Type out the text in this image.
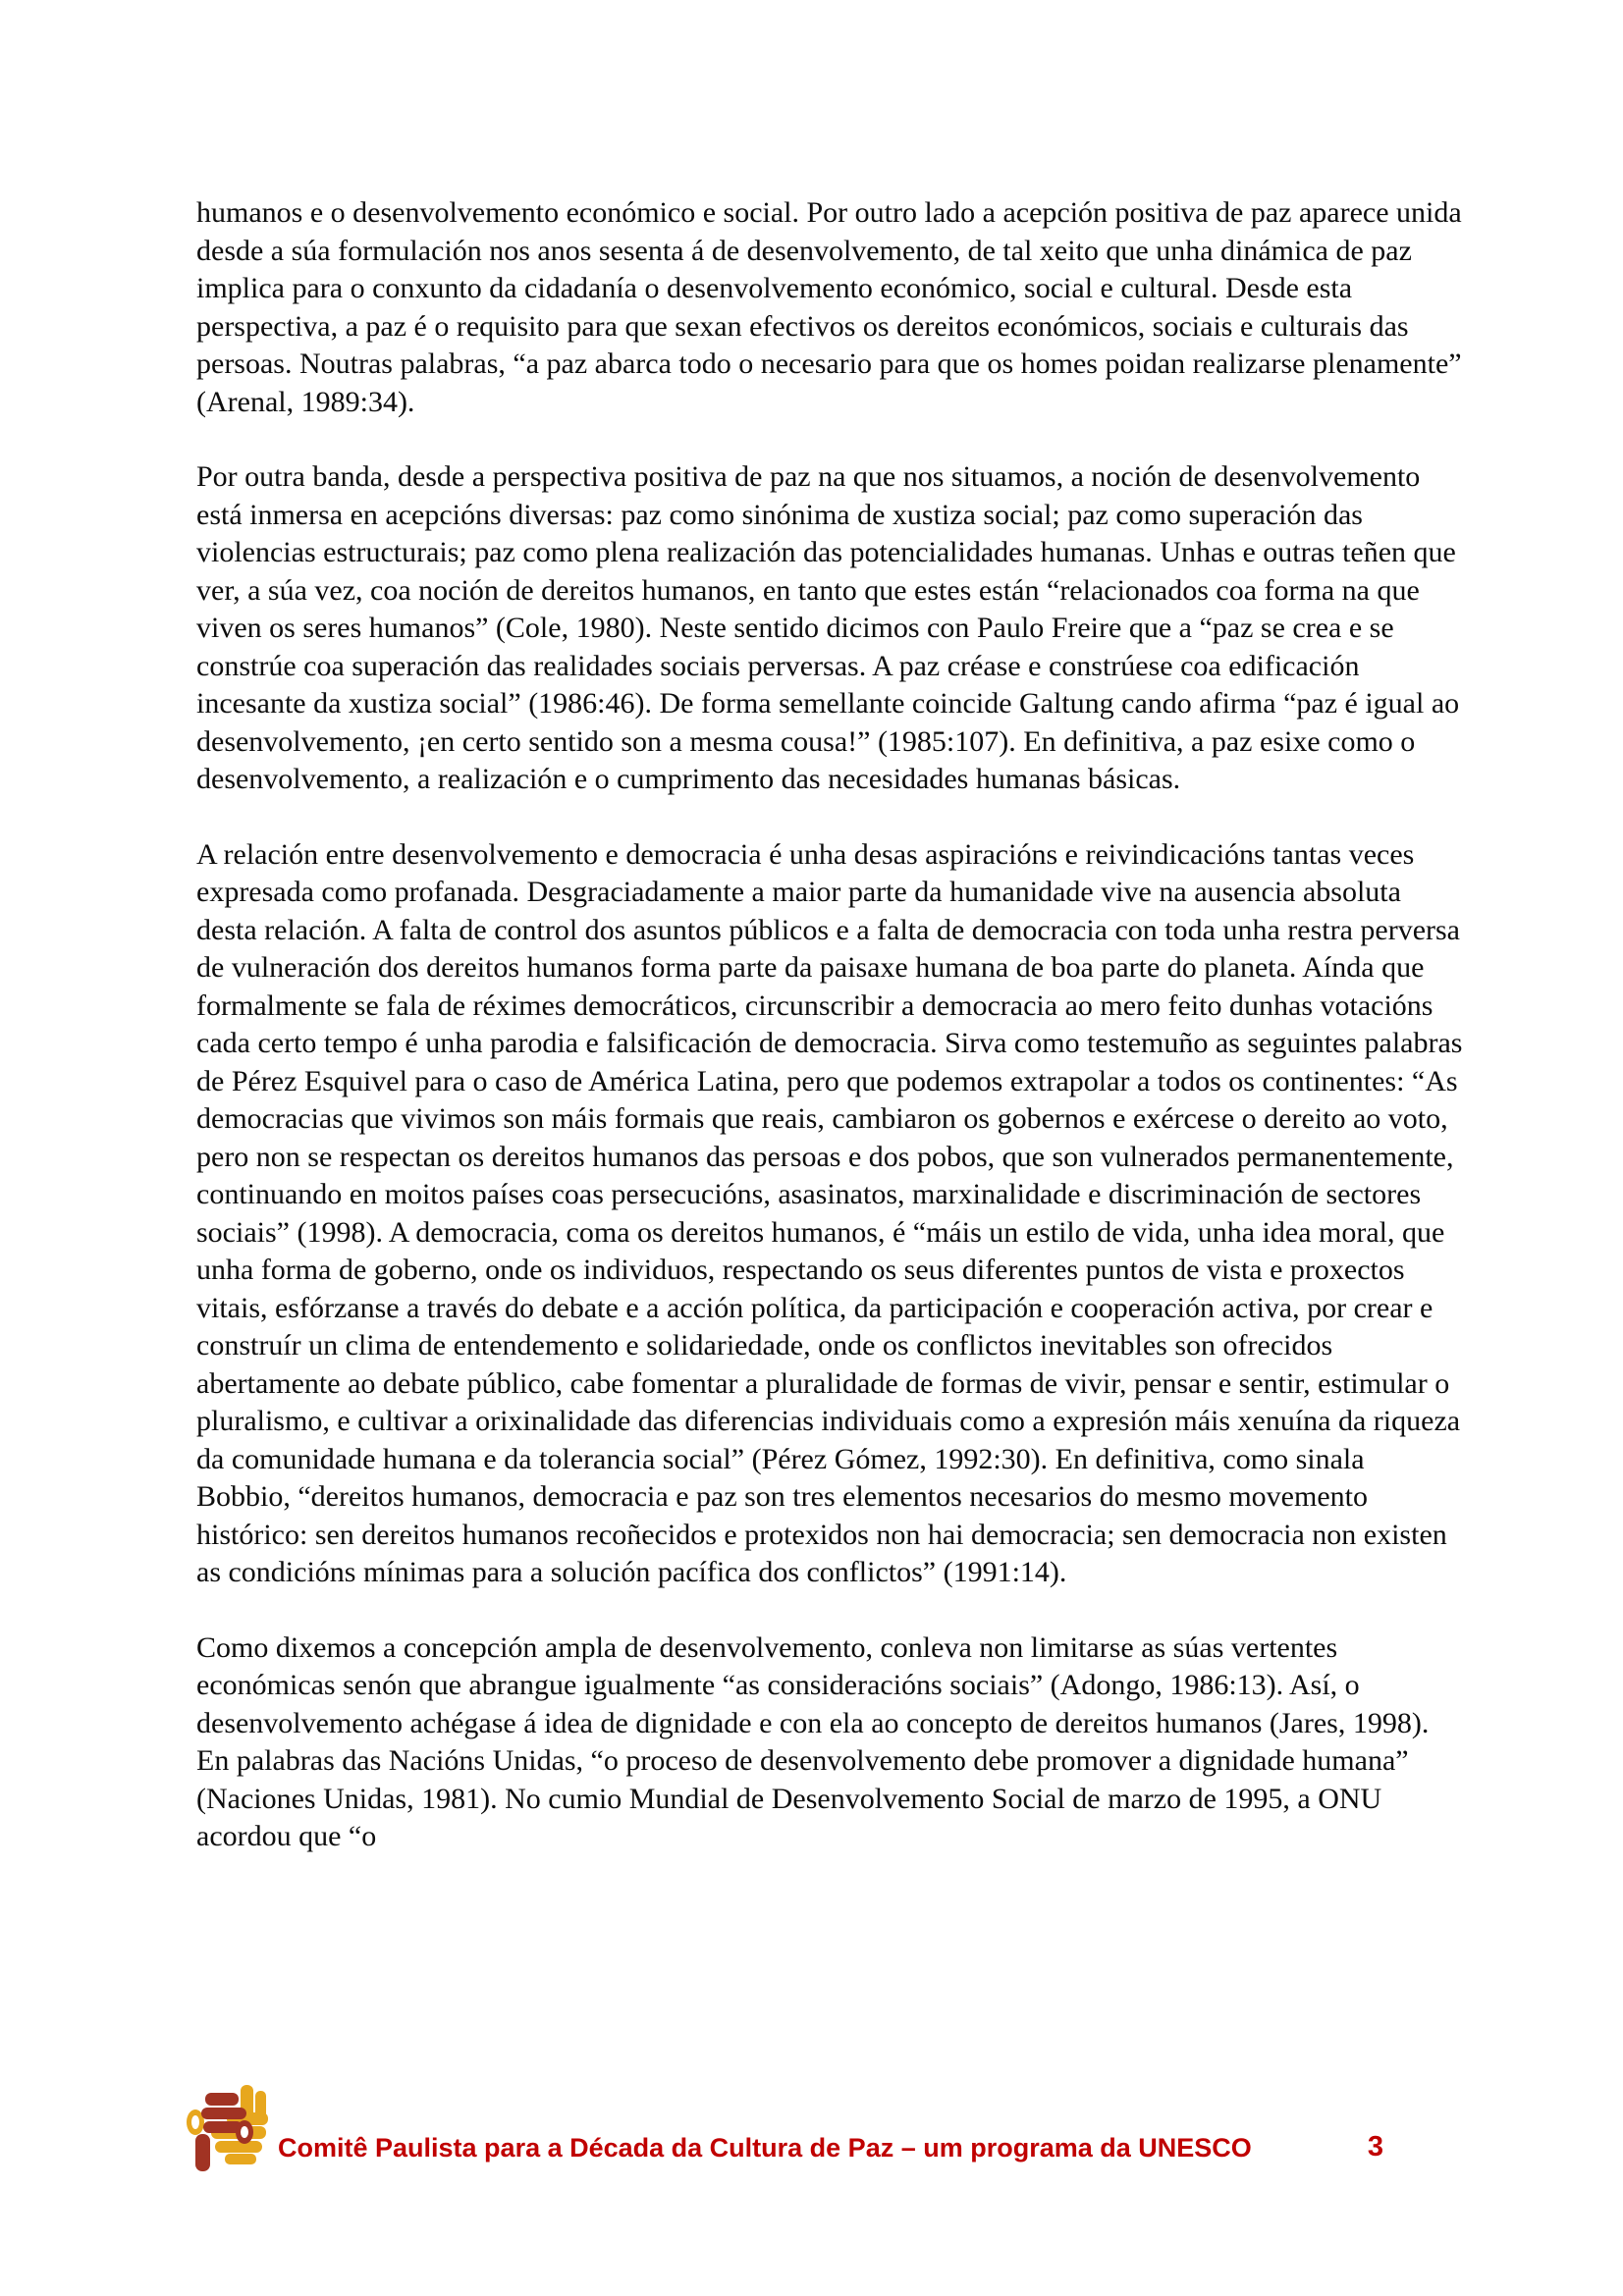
humanos e o desenvolvemento económico e social. Por outro lado a acepción positiva de paz aparece unida desde a súa formulación nos anos sesenta á de desenvolvemento, de tal xeito que unha dinámica de paz implica para o conxunto da cidadanía o desenvolvemento económico, social e cultural. Desde esta perspectiva, a paz é o requisito para que sexan efectivos os dereitos económicos, sociais e culturais das persoas. Noutras palabras, “a paz abarca todo o necesario para que os homes poidan realizarse plenamente” (Arenal, 1989:34).

Por outra banda, desde a perspectiva positiva de paz na que nos situamos, a noción de desenvolvemento está inmersa en acepcións diversas: paz como sinónima de xustiza social; paz como superación das violencias estructurais; paz como plena realización das potencialidades humanas. Unhas e outras teñen que ver, a súa vez, coa noción de dereitos humanos, en tanto que estes están “relacionados coa forma na que viven os seres humanos” (Cole, 1980). Neste sentido dicimos con Paulo Freire que a “paz se crea e se constrúe coa superación das realidades sociais perversas. A paz créase e constrúese coa edificación incesante da xustiza social” (1986:46). De forma semellante coincide Galtung cando afirma “paz é igual ao desenvolvemento, ¡en certo sentido son a mesma cousa!” (1985:107). En definitiva, a paz esixe como o desenvolvemento, a realización e o cumprimento das necesidades humanas básicas.

A relación entre desenvolvemento e democracia é unha desas aspiracións e reivindicacións tantas veces expresada como profanada. Desgraciadamente a maior parte da humanidade vive na ausencia absoluta desta relación. A falta de control dos asuntos públicos e a falta de democracia con toda unha restra perversa de vulneración dos dereitos humanos forma parte da paisaxe humana de boa parte do planeta. Aínda que formalmente se fala de réximes democráticos, circunscribir a democracia ao mero feito dunhas votacións cada certo tempo é unha parodia e falsificación de democracia. Sirva como testemuño as seguintes palabras de Pérez Esquivel para o caso de América Latina, pero que podemos extrapolar a todos os continentes: “As democracias que vivimos son máis formais que reais, cambiaron os gobernos e exércese o dereito ao voto, pero non se respectan os dereitos humanos das persoas e dos pobos, que son vulnerados permanentemente, continuando en moitos países coas persecucións, asasinatos, marxinalidade e discriminación de sectores sociais” (1998). A democracia, coma os dereitos humanos, é “máis un estilo de vida, unha idea moral, que unha forma de goberno, onde os individuos, respectando os seus diferentes puntos de vista e proxectos vitais, esfórzanse a través do debate e a acción política, da participación e cooperación activa, por crear e construír un clima de entendemento e solidariedade, onde os conflictos inevitables son ofrecidos abertamente ao debate público, cabe fomentar a pluralidade de formas de vivir, pensar e sentir, estimular o pluralismo, e cultivar a orixinalidade das diferencias individuais como a expresión máis xenuína da riqueza da comunidade humana e da tolerancia social” (Pérez Gómez, 1992:30). En definitiva, como sinala Bobbio, “dereitos humanos, democracia e paz son tres elementos necesarios do mesmo movemento histórico: sen dereitos humanos recoñecidos e protexidos non hai democracia; sen democracia non existen as condicións mínimas para a solución pacífica dos conflictos” (1991:14).

Como dixemos a concepción ampla de desenvolvemento, conleva non limitarse as súas vertentes económicas senón que abrangue igualmente “as consideracións sociais” (Adongo, 1986:13). Así, o desenvolvemento achégase á idea de dignidade e con ela ao concepto de dereitos humanos (Jares, 1998). En palabras das Nacións Unidas, “o proceso de desenvolvemento debe promover a dignidade humana” (Naciones Unidas, 1981). No cumio Mundial de Desenvolvemento Social de marzo de 1995, a ONU acordou que “o

Comitê Paulista para a Década da Cultura de Paz – um programa da UNESCO	3
